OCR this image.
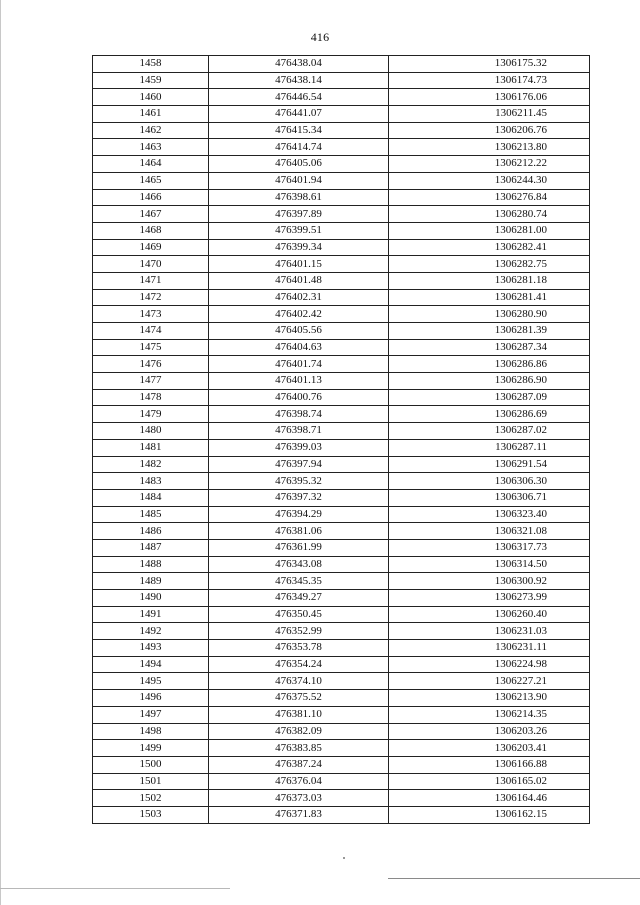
416
1458	476438.04	1306175.32
1459	476438.14	1306174.73
1460	476446.54	1306176.06
1461	476441.07	1306211.45
1462	476415.34	1306206.76
1463	476414.74	1306213.80
1464	476405.06	1306212.22
1465	476401.94	1306244.30
1466	476398.61	1306276.84
1467	476397.89	1306280.74
1468	476399.51	1306281.00
1469	476399.34	1306282.41
1470	476401.15	1306282.75
1471	476401.48	1306281.18
1472	476402.31	1306281.41
1473	476402.42	1306280.90
1474	476405.56	1306281.39
1475	476404.63	1306287.34
1476	476401.74	1306286.86
1477	476401.13	1306286.90
1478	476400.76	1306287.09
1479	476398.74	1306286.69
1480	476398.71	1306287.02
1481	476399.03	1306287.11
1482	476397.94	1306291.54
1483	476395.32	1306306.30
1484	476397.32	1306306.71
1485	476394.29	1306323.40
1486	476381.06	1306321.08
1487	476361.99	1306317.73
1488	476343.08	1306314.50
1489	476345.35	1306300.92
1490	476349.27	1306273.99
1491	476350.45	1306260.40
1492	476352.99	1306231.03
1493	476353.78	1306231.11
1494	476354.24	1306224.98
1495	476374.10	1306227.21
1496	476375.52	1306213.90
1497	476381.10	1306214.35
1498	476382.09	1306203.26
1499	476383.85	1306203.41
1500	476387.24	1306166.88
1501	476376.04	1306165.02
1502	476373.03	1306164.46
1503	476371.83	1306162.15
